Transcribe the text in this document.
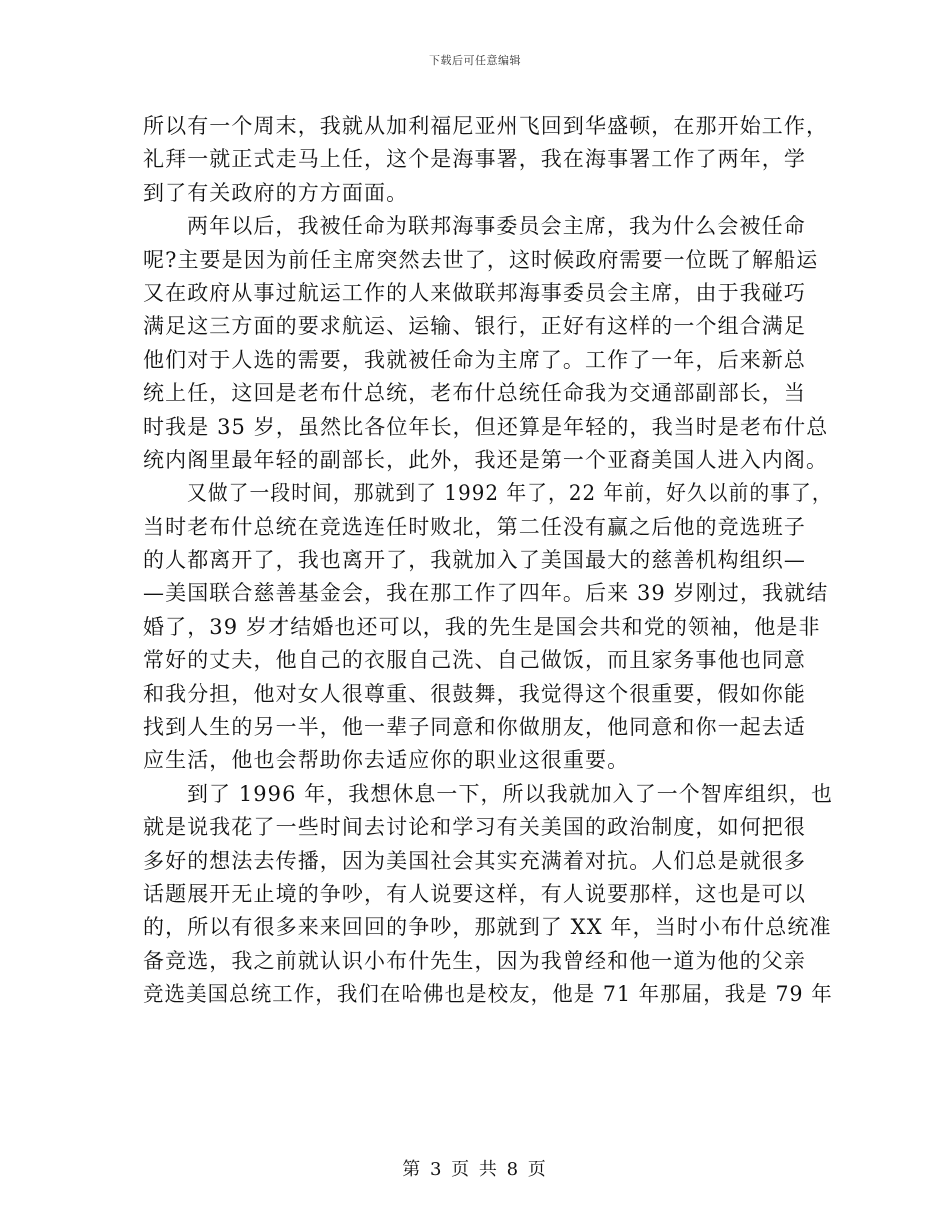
下载后可任意编辑
所以有一个周末，我就从加利福尼亚州飞回到华盛顿，在那开始工作，
礼拜一就正式走马上任，这个是海事署，我在海事署工作了两年，学
到了有关政府的方方面面。
两年以后，我被任命为联邦海事委员会主席，我为什么会被任命
呢?主要是因为前任主席突然去世了，这时候政府需要一位既了解船运
又在政府从事过航运工作的人来做联邦海事委员会主席，由于我碰巧
满足这三方面的要求航运、运输、银行，正好有这样的一个组合满足
他们对于人选的需要，我就被任命为主席了。工作了一年，后来新总
统上任，这回是老布什总统，老布什总统任命我为交通部副部长，当
时我是 35 岁，虽然比各位年长，但还算是年轻的，我当时是老布什总
统内阁里最年轻的副部长，此外，我还是第一个亚裔美国人进入内阁。
又做了一段时间，那就到了 1992 年了，22 年前，好久以前的事了，
当时老布什总统在竞选连任时败北，第二任没有赢之后他的竞选班子
的人都离开了，我也离开了，我就加入了美国最大的慈善机构组织—
—美国联合慈善基金会，我在那工作了四年。后来 39 岁刚过，我就结
婚了，39 岁才结婚也还可以，我的先生是国会共和党的领袖，他是非
常好的丈夫，他自己的衣服自己洗、自己做饭，而且家务事他也同意
和我分担，他对女人很尊重、很鼓舞，我觉得这个很重要，假如你能
找到人生的另一半，他一辈子同意和你做朋友，他同意和你一起去适
应生活，他也会帮助你去适应你的职业这很重要。
到了 1996 年，我想休息一下，所以我就加入了一个智库组织，也
就是说我花了一些时间去讨论和学习有关美国的政治制度，如何把很
多好的想法去传播，因为美国社会其实充满着对抗。人们总是就很多
话题展开无止境的争吵，有人说要这样，有人说要那样，这也是可以
的，所以有很多来来回回的争吵，那就到了 XX 年，当时小布什总统准
备竞选，我之前就认识小布什先生，因为我曾经和他一道为他的父亲
竞选美国总统工作，我们在哈佛也是校友，他是 71 年那届，我是 79 年
第 3 页 共 8 页
